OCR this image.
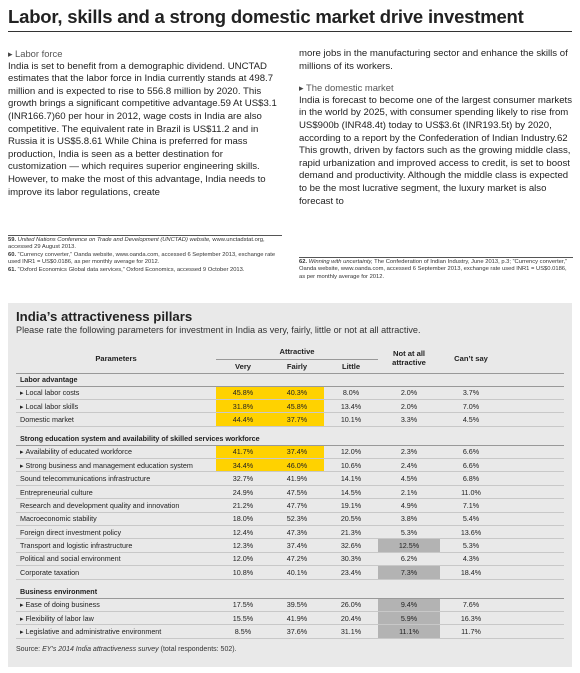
Labor, skills and a strong domestic market drive investment
▸ Labor force

India is set to benefit from a demographic dividend. UNCTAD estimates that the labor force in India currently stands at 498.7 million and is expected to rise to 556.8 million by 2020. This growth brings a significant competitive advantage.59 At US$3.1 (INR166.7)60 per hour in 2012, wage costs in India are also competitive. The equivalent rate in Brazil is US$11.2 and in Russia it is US$5.8.61 While China is preferred for mass production, India is seen as a better destination for customization — which requires superior engineering skills. However, to make the most of this advantage, India needs to improve its labor regulations, create

more jobs in the manufacturing sector and enhance the skills of millions of its workers.

▸ The domestic market

India is forecast to become one of the largest consumer markets in the world by 2025, with consumer spending likely to rise from US$900b (INR48.4t) today to US$3.6t (INR193.5t) by 2020, according to a report by the Confederation of Indian Industry.62 This growth, driven by factors such as the growing middle class, rapid urbanization and improved access to credit, is set to boost demand and productivity. Although the middle class is expected to be the most lucrative segment, the luxury market is also forecast to

59. United Nations Conference on Trade and Development (UNCTAD) website, www.unctadstat.org, accessed 29 August 2013.
60. “Currency converter,” Oanda website, www.oanda.com, accessed 6 September 2013, exchange rate used INR1 = US$0.0186, as per monthly average for 2012.
61. “Oxford Economics Global data services,” Oxford Economics, accessed 9 October 2013.
62. Winning with uncertainty, The Confederation of Indian Industry, June 2013, p.3; “Currency converter,” Oanda website, www.oanda.com, accessed 6 September 2013, exchange rate used INR1 = US$0.0186, as per monthly average for 2012.
India’s attractiveness pillars
Please rate the following parameters for investment in India as very, fairly, little or not at all attractive.
Parameters	Attractive			Not at all attractive	Can’t say	
	Very	Fairly	Little			
Labor advantage						
▸ Local labor costs	45.8%	40.3%	8.0%	2.0%	3.7%	
▸ Local labor skills	31.8%	45.8%	13.4%	2.0%	7.0%	
Domestic market	44.4%	37.7%	10.1%	3.3%	4.5%	

Strong education system and availability of skilled services workforce						
▸ Availability of educated workforce	41.7%	37.4%	12.0%	2.3%	6.6%	
▸ Strong business and management education system	34.4%	46.0%	10.6%	2.4%	6.6%	
Sound telecommunications infrastructure	32.7%	41.9%	14.1%	4.5%	6.8%	
Entrepreneurial culture	24.9%	47.5%	14.5%	2.1%	11.0%	
Research and development quality and innovation	21.2%	47.7%	19.1%	4.9%	7.1%	
Macroeconomic stability	18.0%	52.3%	20.5%	3.8%	5.4%	
Foreign direct investment policy	12.4%	47.3%	21.3%	5.3%	13.6%	
Transport and logistic infrastructure	12.3%	37.4%	32.6%	12.5%	5.3%	
Political and social environment	12.0%	47.2%	30.3%	6.2%	4.3%	
Corporate taxation	10.8%	40.1%	23.4%	7.3%	18.4%	

Business environment						
▸ Ease of doing business	17.5%	39.5%	26.0%	9.4%	7.6%	
▸ Flexibility of labor law	15.5%	41.9%	20.4%	5.9%	16.3%	
▸ Legislative and administrative environment	8.5%	37.6%	31.1%	11.1%	11.7%	
Source: EY’s 2014 India attractiveness survey (total respondents: 502).
